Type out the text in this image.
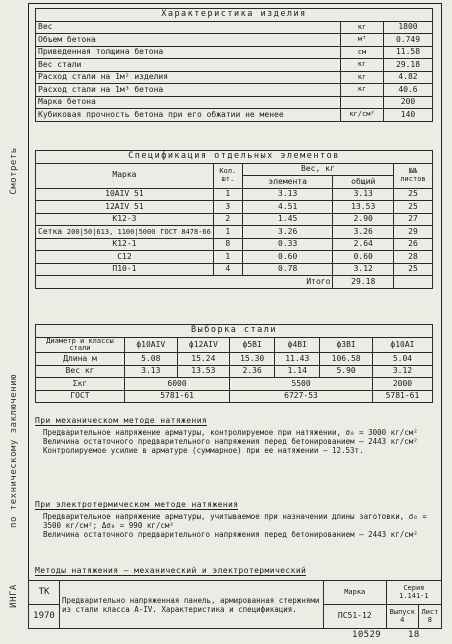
Смотреть
по техническому заключению
ИНГА
Характеристика изделия		
Вес	кг	1800
Объем бетона	м³	0.749
Приведенная толщина бетона	см	11.58
Вес стали	кг	29.18
Расход стали на 1м² изделия	кг	4.82
Расход стали на 1м³ бетона	кг	40.6
Марка бетона		200
Кубиковая прочность бетона при его обжатии не менее	кг/см²	140
Спецификация отдельных элементов				
Марка	Кол. шт.	Вес, кг		№№ листов
		элемента	общий	
10AIV 51	1	3.13	3.13	25
12AIV 51	3	4.51	13.53	25
К12-3	2	1.45	2.90	27
Сетка 200|50|613, 1100|5000 ГОСТ 8478-66	1	3.26	3.26	29
К12-1	8	0.33	2.64	26
С12	1	0.60	0.60	28
П10-1	4	0.78	3.12	25
Итого			29.18	
Выборка стали						
Диаметр и классы стали	ф10АIV	ф12АIV	ф5ВI	ф4ВI	ф3ВI	ф10АI
Длина м	5.08	15.24	15.30	11.43	106.58	5.04
Вес кг	3.13	13.53	2.36	1.14	5.90	3.12
Σкг	6000		5500			2000
ГОСТ	5781-61		6727-53			5781-61
При механическом методе натяжения
Предварительное напряжение арматуры, контролируемое при натяжении, σ₀ = 3000 кг/см²
Величина остаточного предварительного напряжения перед бетонированием — 2443 кг/см²
Контролируемое усилие в арматуре (суммарное) при ее натяжении — 12.53т.
При электротермическом методе натяжения
Предварительное напряжение арматуры, учитываемое при назначении длины заготовки, σ₀ = 3500 кг/см²; Δσ₀ = 990 кг/см²
Величина остаточного предварительного напряжения перед бетонированием — 2443 кг/см²
Методы натяжения — механический и электротермический
ТК	Предварительно напряженная панель, армированная стержнями из стали класса А-IV. Характеристика и спецификация.	Марка	Серия
1.141-1	
1970		ПС51-12	Выпуск
4	Лист
8
10529	18
